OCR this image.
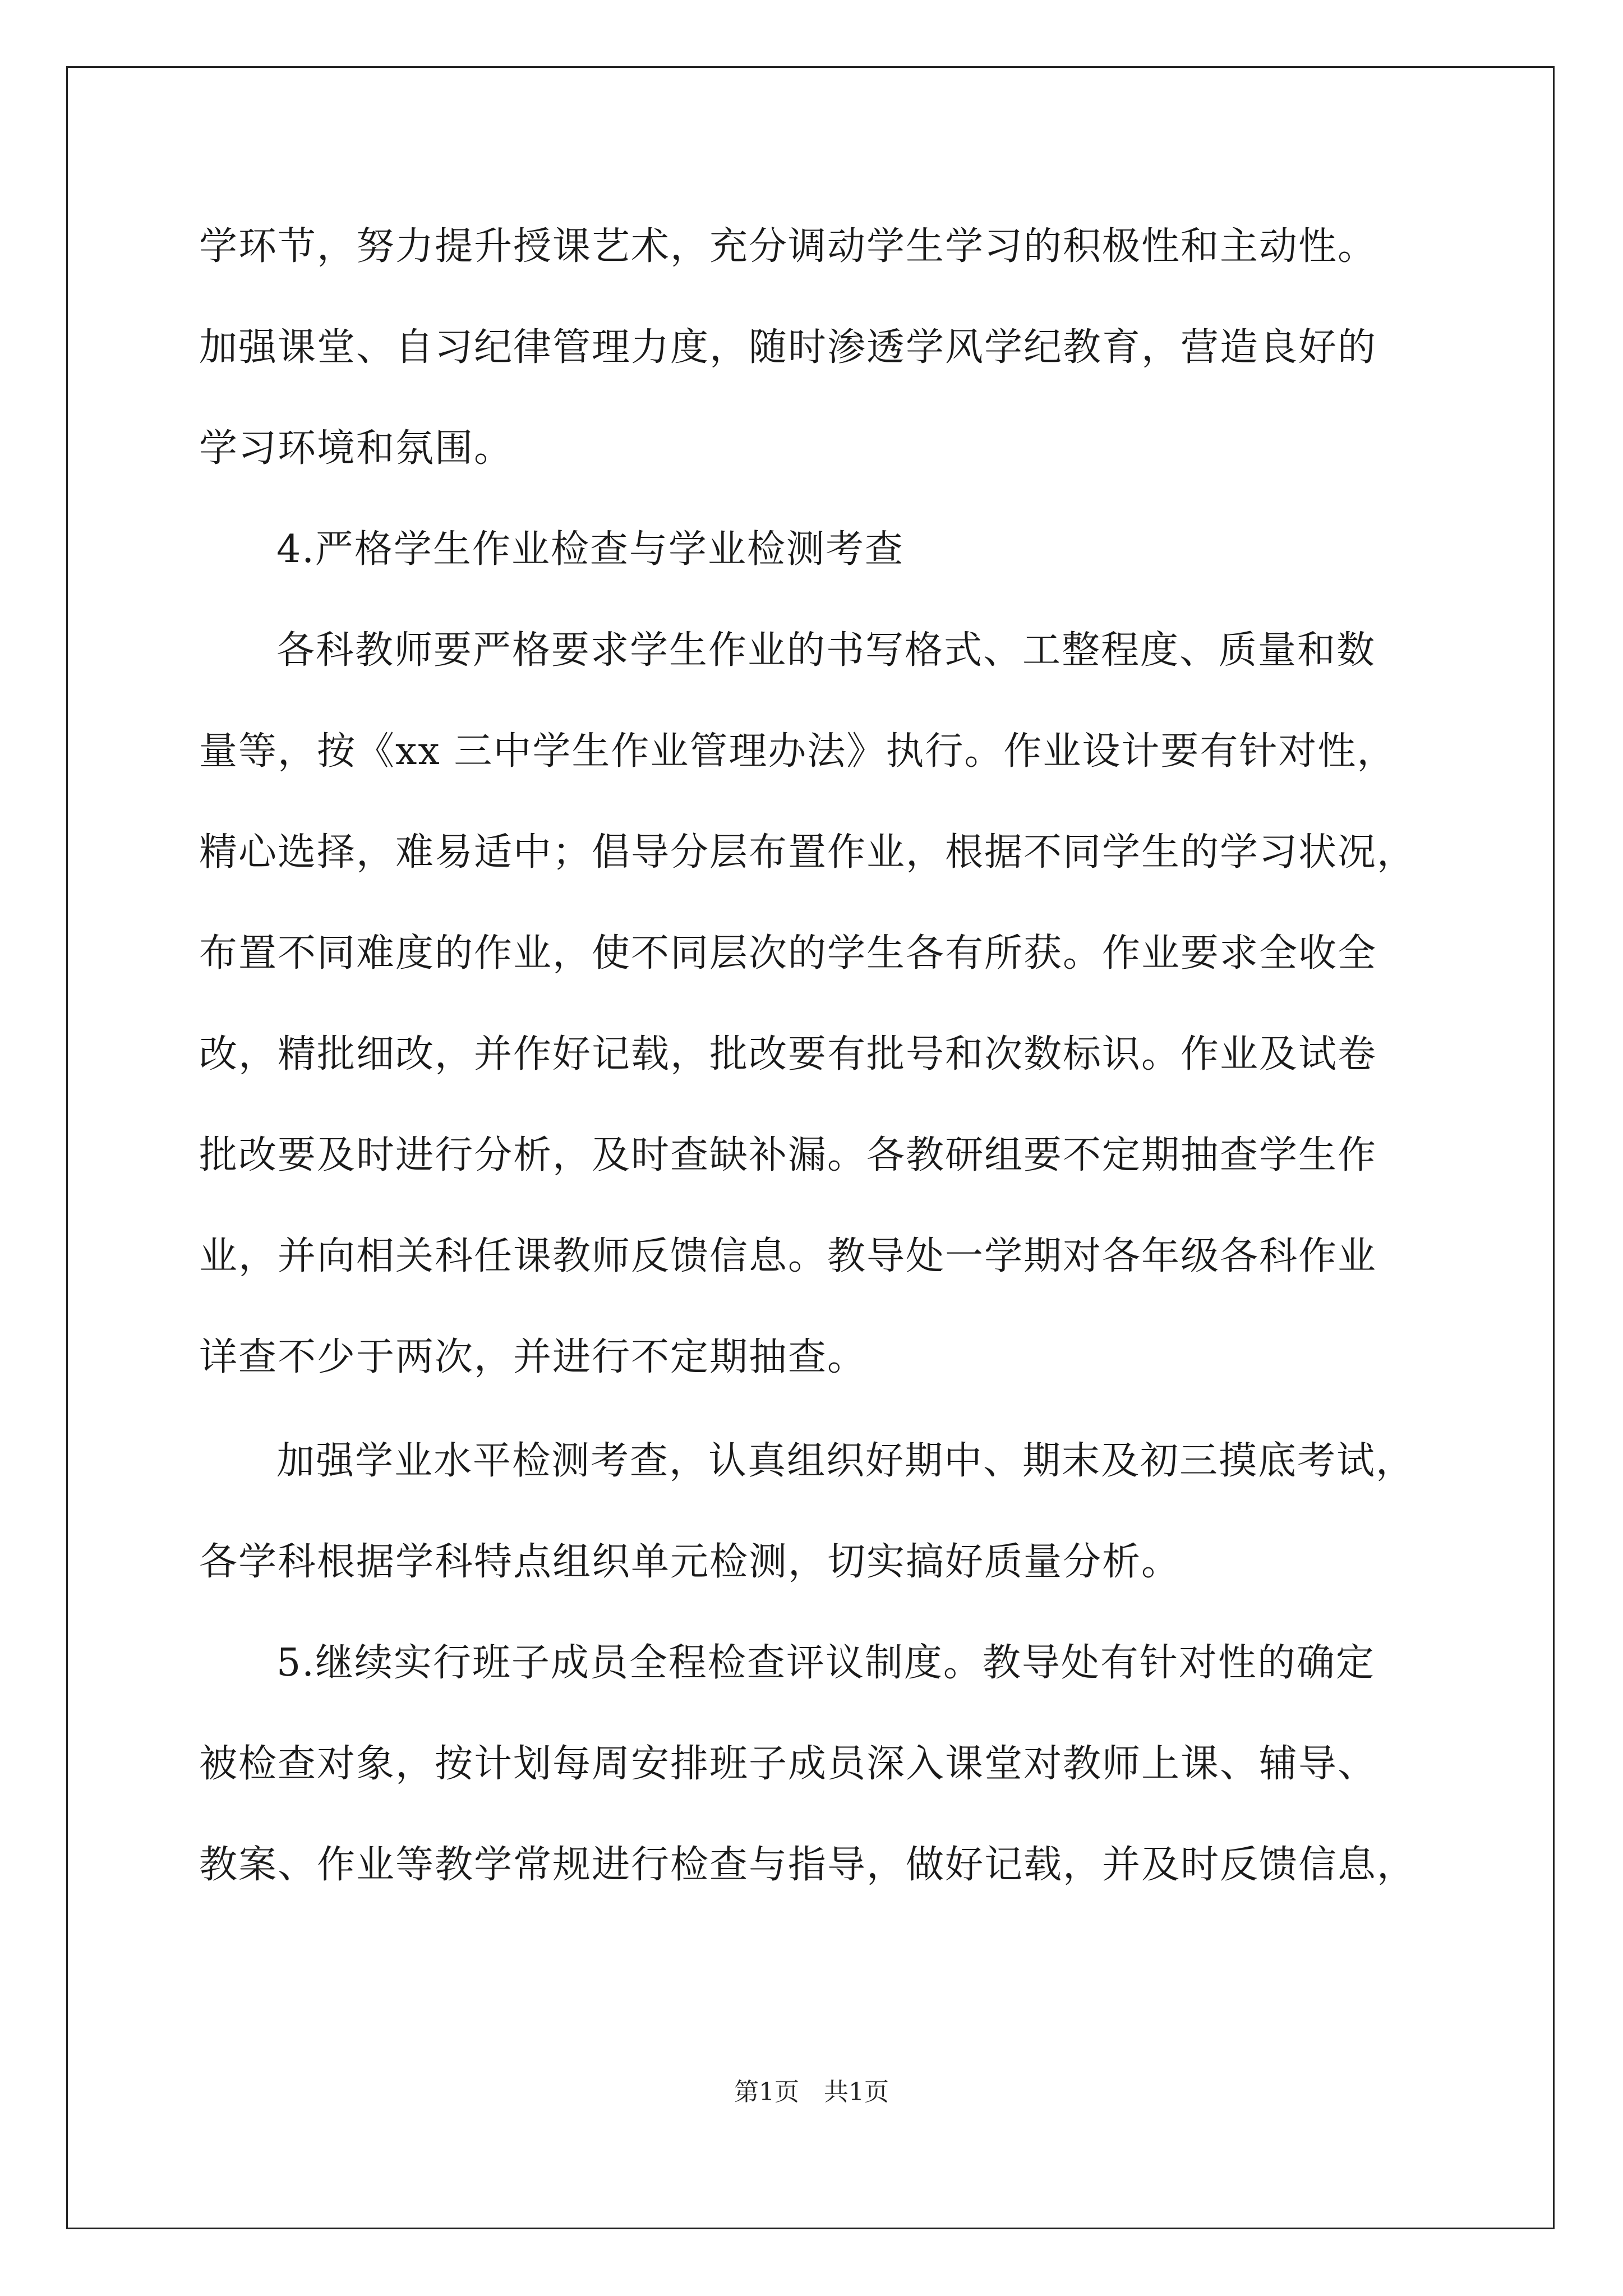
学环节，努力提升授课艺术，充分调动学生学习的积极性和主动性。
加强课堂、自习纪律管理力度，随时渗透学风学纪教育，营造良好的
学习环境和氛围。
4.严格学生作业检查与学业检测考查
各科教师要严格要求学生作业的书写格式、工整程度、质量和数
量等，按《xx 三中学生作业管理办法》执行。作业设计要有针对性，
精心选择，难易适中；倡导分层布置作业，根据不同学生的学习状况，
布置不同难度的作业，使不同层次的学生各有所获。作业要求全收全
改，精批细改，并作好记载，批改要有批号和次数标识。作业及试卷
批改要及时进行分析，及时查缺补漏。各教研组要不定期抽查学生作
业，并向相关科任课教师反馈信息。教导处一学期对各年级各科作业
详查不少于两次，并进行不定期抽查。
加强学业水平检测考查，认真组织好期中、期末及初三摸底考试，
各学科根据学科特点组织单元检测，切实搞好质量分析。
5.继续实行班子成员全程检查评议制度。教导处有针对性的确定
被检查对象，按计划每周安排班子成员深入课堂对教师上课、辅导、
教案、作业等教学常规进行检查与指导，做好记载，并及时反馈信息，
第1页　共1页
